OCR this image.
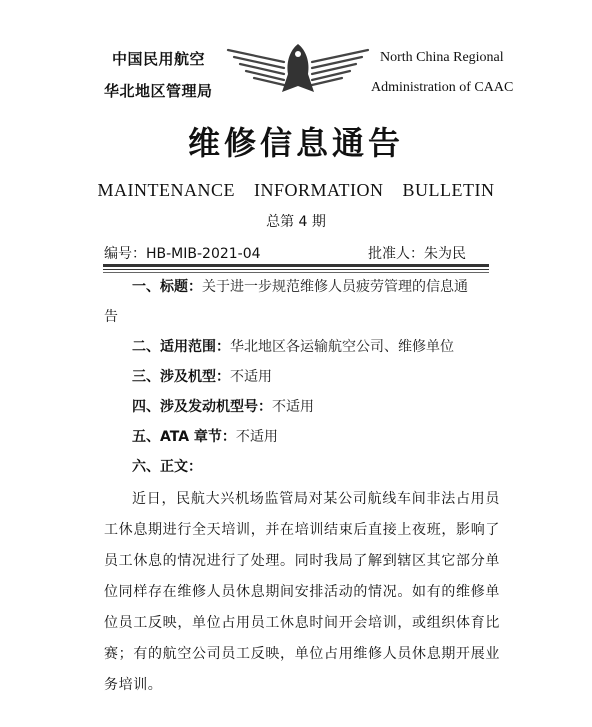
中国民用航空
华北地区管理局
North China Regional
Administration of CAAC
维修信息通告
MAINTENANCE INFORMATION BULLETIN
总第 4 期
编号：HB-MIB-2021-04	批准人：朱为民
一、标题：关于进一步规范维修人员疲劳管理的信息通
告
二、适用范围：华北地区各运输航空公司、维修单位
三、涉及机型：不适用
四、涉及发动机型号：不适用
五、ATA 章节：不适用
六、正文：
近日，民航大兴机场监管局对某公司航线车间非法占用员工休息期进行全天培训，并在培训结束后直接上夜班，影响了员工休息的情况进行了处理。同时我局了解到辖区其它部分单位同样存在维修人员休息期间安排活动的情况。如有的维修单位员工反映，单位占用员工休息时间开会培训，或组织体育比赛；有的航空公司员工反映，单位占用维修人员休息期开展业务培训。
